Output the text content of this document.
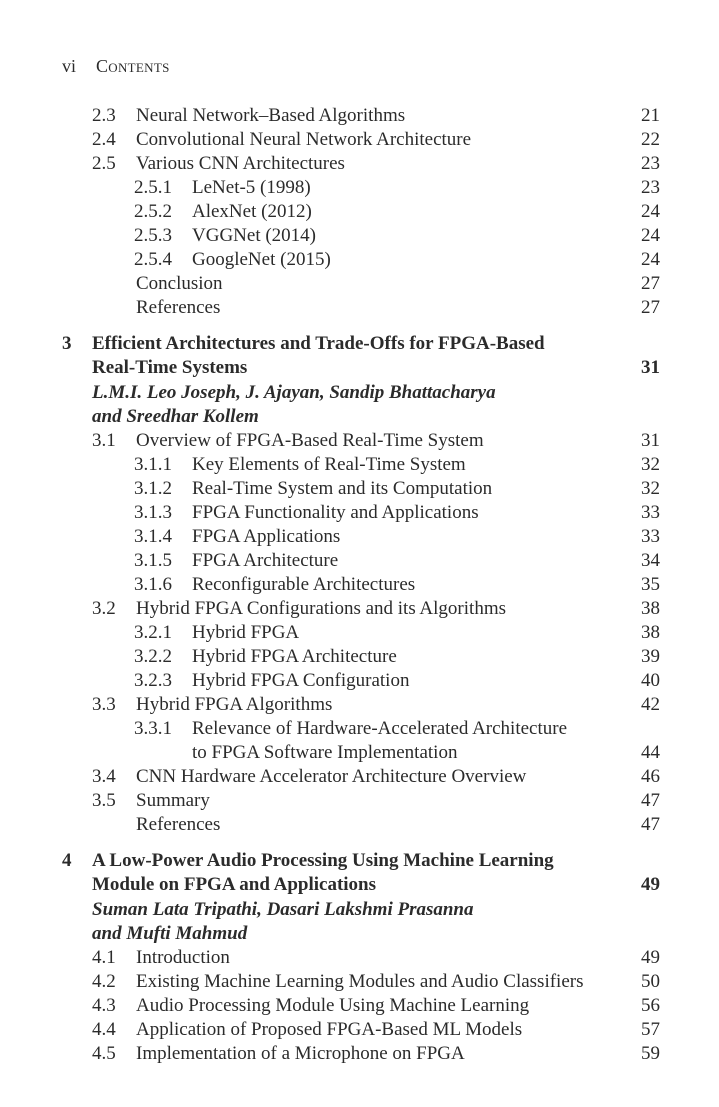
vi Contents
2.3 Neural Network–Based Algorithms	21
2.4 Convolutional Neural Network Architecture	22
2.5 Various CNN Architectures	23
2.5.1 LeNet-5 (1998)	23
2.5.2 AlexNet (2012)	24
2.5.3 VGGNet (2014)	24
2.5.4 GoogleNet (2015)	24
Conclusion	27
References	27
3 Efficient Architectures and Trade-Offs for FPGA-Based
Real-Time Systems	31
L.M.I. Leo Joseph, J. Ajayan, Sandip Bhattacharya
and Sreedhar Kollem
3.1 Overview of FPGA-Based Real-Time System	31
3.1.1 Key Elements of Real-Time System	32
3.1.2 Real-Time System and its Computation	32
3.1.3 FPGA Functionality and Applications	33
3.1.4 FPGA Applications	33
3.1.5 FPGA Architecture	34
3.1.6 Reconfigurable Architectures	35
3.2 Hybrid FPGA Configurations and its Algorithms	38
3.2.1 Hybrid FPGA	38
3.2.2 Hybrid FPGA Architecture	39
3.2.3 Hybrid FPGA Configuration	40
3.3 Hybrid FPGA Algorithms	42
3.3.1 Relevance of Hardware-Accelerated Architecture
to FPGA Software Implementation	44
3.4 CNN Hardware Accelerator Architecture Overview	46
3.5 Summary	47
References	47
4 A Low-Power Audio Processing Using Machine Learning
Module on FPGA and Applications	49
Suman Lata Tripathi, Dasari Lakshmi Prasanna
and Mufti Mahmud
4.1 Introduction	49
4.2 Existing Machine Learning Modules and Audio Classifiers	50
4.3 Audio Processing Module Using Machine Learning	56
4.4 Application of Proposed FPGA-Based ML Models	57
4.5 Implementation of a Microphone on FPGA	59
